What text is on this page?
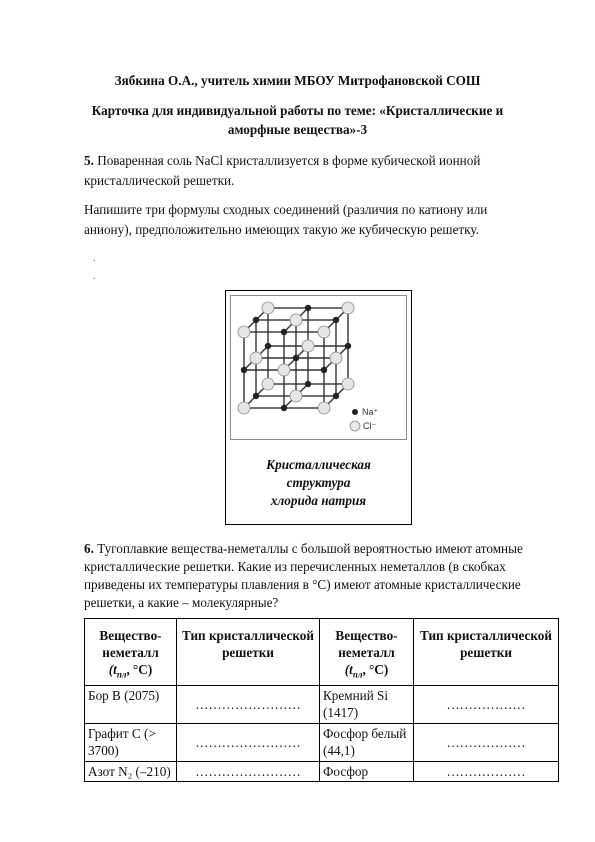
Зябкина О.А., учитель химии МБОУ Митрофановской СОШ
Карточка для индивидуальной работы по теме: «Кристаллические и
аморфные вещества»-3
5. Поваренная соль NaCl кристаллизуется в форме кубической ионной
кристаллической решетки.
Напишите три формулы сходных соединений (различия по катиону или
аниону), предположительно имеющих такую же кубическую решетку.
.
.
Na⁺
Cl⁻
Кристаллическая
структура
хлорида натрия
6. Тугоплавкие вещества-неметаллы с большой вероятностью имеют атомные
кристаллические решетки. Какие из перечисленных неметаллов (в скобках
приведены их температуры плавления в °С) имеют атомные кристаллические
решетки, а какие – молекулярные?
Вещество-
неметалл
($t_{пл}$, °С)	Тип кристаллической решетки	Вещество-
неметалл
($t_{пл}$, °С)	Тип кристаллической решетки
Бор B (2075)	……………………	Кремний Si (1417)	………………
Графит С (> 3700)	……………………	Фосфор белый (44,1)	………………
Азот N₂ (–210)	……………………	Фосфор	………………
